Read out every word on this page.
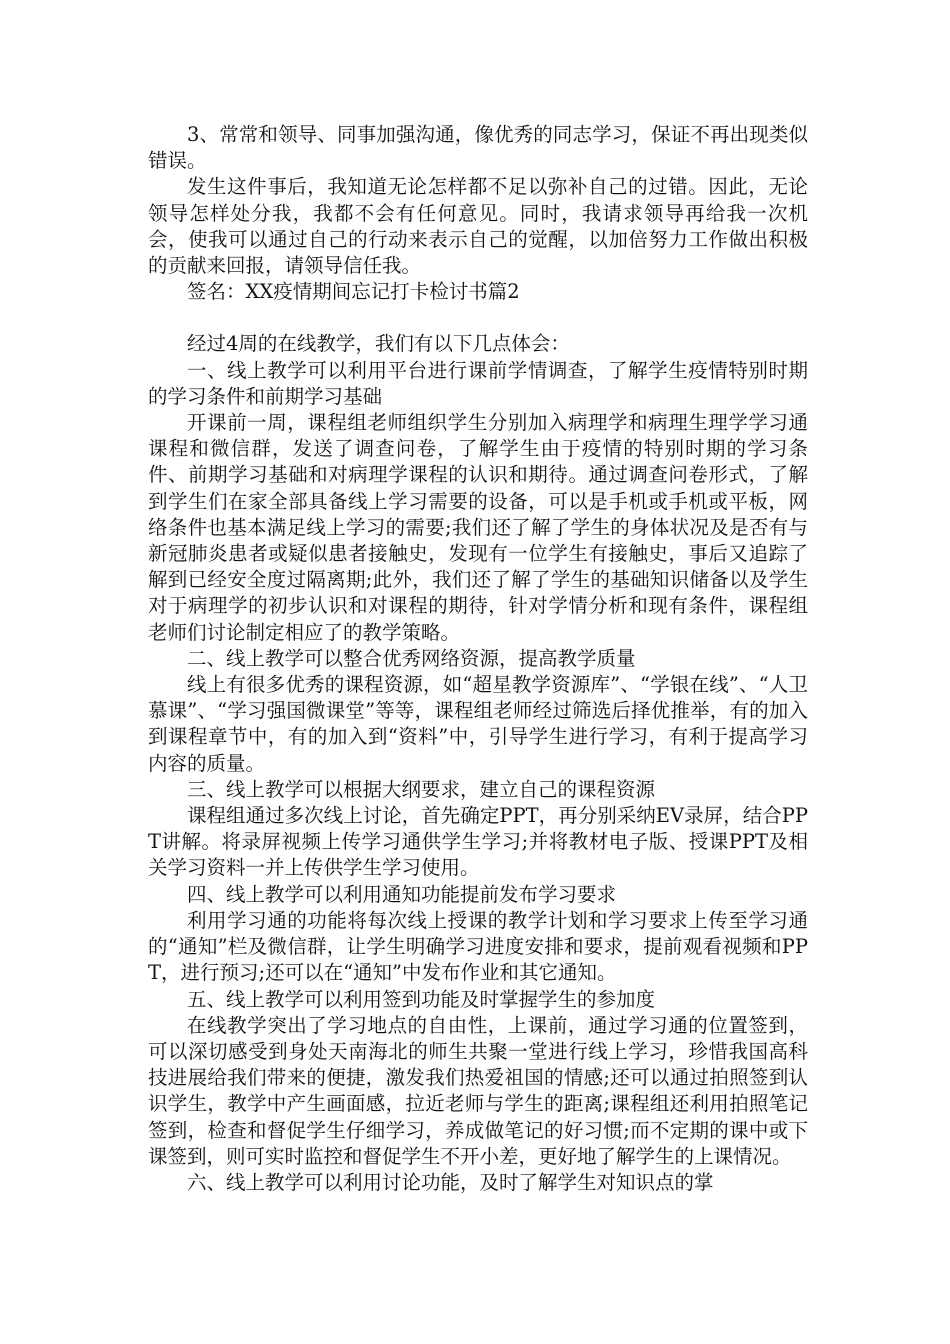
3、常常和领导、同事加强沟通，像优秀的同志学习，保证不再出现类似错误。

发生这件事后，我知道无论怎样都不足以弥补自己的过错。因此，无论领导怎样处分我，我都不会有任何意见。同时，我请求领导再给我一次机会，使我可以通过自己的行动来表示自己的觉醒，以加倍努力工作做出积极的贡献来回报，请领导信任我。

签名：XX疫情期间忘记打卡检讨书篇2

经过4周的在线教学，我们有以下几点体会：

一、线上教学可以利用平台进行课前学情调查，了解学生疫情特别时期的学习条件和前期学习基础

开课前一周，课程组老师组织学生分别加入病理学和病理生理学学习通课程和微信群，发送了调查问卷，了解学生由于疫情的特别时期的学习条件、前期学习基础和对病理学课程的认识和期待。通过调查问卷形式，了解到学生们在家全部具备线上学习需要的设备，可以是手机或手机或平板，网络条件也基本满足线上学习的需要;我们还了解了学生的身体状况及是否有与新冠肺炎患者或疑似患者接触史，发现有一位学生有接触史，事后又追踪了解到已经安全度过隔离期;此外，我们还了解了学生的基础知识储备以及学生对于病理学的初步认识和对课程的期待，针对学情分析和现有条件，课程组老师们讨论制定相应了的教学策略。

二、线上教学可以整合优秀网络资源，提高教学质量

线上有很多优秀的课程资源，如“超星教学资源库”、“学银在线”、“人卫慕课”、“学习强国微课堂”等等，课程组老师经过筛选后择优推举，有的加入到课程章节中，有的加入到“资料”中，引导学生进行学习，有利于提高学习内容的质量。

三、线上教学可以根据大纲要求，建立自己的课程资源

课程组通过多次线上讨论，首先确定PPT，再分别采纳EV录屏，结合PPT讲解。将录屏视频上传学习通供学生学习;并将教材电子版、授课PPT及相关学习资料一并上传供学生学习使用。

四、线上教学可以利用通知功能提前发布学习要求

利用学习通的功能将每次线上授课的教学计划和学习要求上传至学习通的“通知”栏及微信群，让学生明确学习进度安排和要求，提前观看视频和PPT，进行预习;还可以在“通知”中发布作业和其它通知。

五、线上教学可以利用签到功能及时掌握学生的参加度

在线教学突出了学习地点的自由性，上课前，通过学习通的位置签到，可以深切感受到身处天南海北的师生共聚一堂进行线上学习，珍惜我国高科技进展给我们带来的便捷，激发我们热爱祖国的情感;还可以通过拍照签到认识学生，教学中产生画面感，拉近老师与学生的距离;课程组还利用拍照笔记签到，检查和督促学生仔细学习，养成做笔记的好习惯;而不定期的课中或下课签到，则可实时监控和督促学生不开小差，更好地了解学生的上课情况。

六、线上教学可以利用讨论功能，及时了解学生对知识点的掌
